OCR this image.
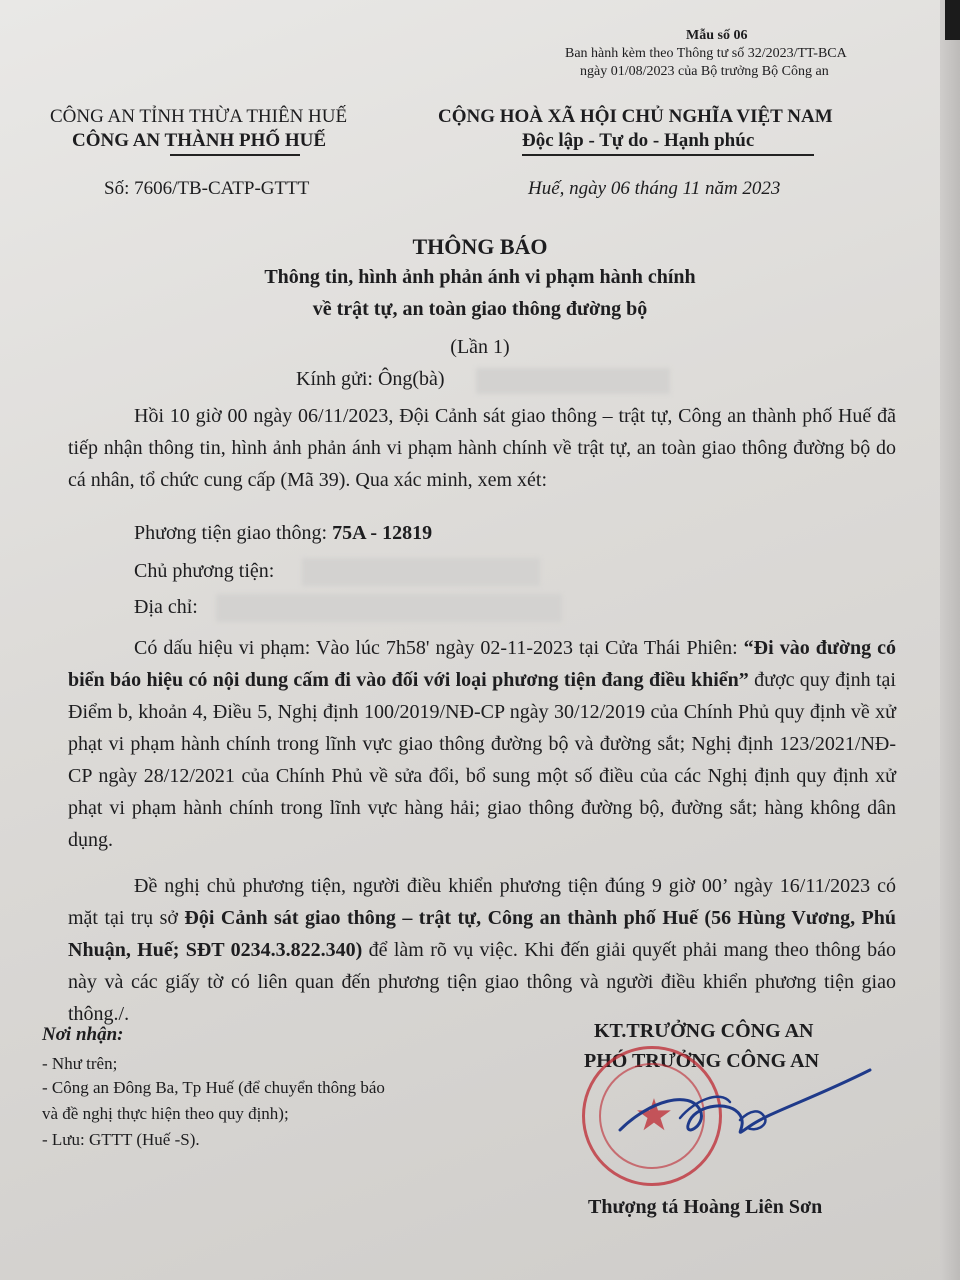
Mẫu số 06
Ban hành kèm theo Thông tư số 32/2023/TT-BCA
ngày 01/08/2023 của Bộ trưởng Bộ Công an
CÔNG AN TỈNH THỪA THIÊN HUẾ
CÔNG AN THÀNH PHỐ HUẾ
Số: 7606/TB-CATP-GTTT
CỘNG HOÀ XÃ HỘI CHỦ NGHĨA VIỆT NAM
Độc lập - Tự do - Hạnh phúc
Huế, ngày 06 tháng 11 năm 2023
THÔNG BÁO
Thông tin, hình ảnh phản ánh vi phạm hành chính
về trật tự, an toàn giao thông đường bộ
(Lần 1)
Kính gửi: Ông(bà)
Hồi 10 giờ 00 ngày 06/11/2023, Đội Cảnh sát giao thông – trật tự, Công an thành phố Huế đã tiếp nhận thông tin, hình ảnh phản ánh vi phạm hành chính về trật tự, an toàn giao thông đường bộ do cá nhân, tổ chức cung cấp (Mã 39). Qua xác minh, xem xét:
Phương tiện giao thông: 75A - 12819
Chủ phương tiện:
Địa chỉ:
Có dấu hiệu vi phạm: Vào lúc 7h58' ngày 02-11-2023 tại Cửa Thái Phiên: “Đi vào đường có biển báo hiệu có nội dung cấm đi vào đối với loại phương tiện đang điều khiển” được quy định tại Điểm b, khoản 4, Điều 5, Nghị định 100/2019/NĐ-CP ngày 30/12/2019 của Chính Phủ quy định về xử phạt vi phạm hành chính trong lĩnh vực giao thông đường bộ và đường sắt; Nghị định 123/2021/NĐ-CP ngày 28/12/2021 của Chính Phủ về sửa đổi, bổ sung một số điều của các Nghị định quy định xử phạt vi phạm hành chính trong lĩnh vực hàng hải; giao thông đường bộ, đường sắt; hàng không dân dụng.
Đề nghị chủ phương tiện, người điều khiển phương tiện đúng 9 giờ 00’ ngày 16/11/2023 có mặt tại trụ sở Đội Cảnh sát giao thông – trật tự, Công an thành phố Huế (56 Hùng Vương, Phú Nhuận, Huế; SĐT 0234.3.822.340) để làm rõ vụ việc. Khi đến giải quyết phải mang theo thông báo này và các giấy tờ có liên quan đến phương tiện giao thông và người điều khiển phương tiện giao thông./.
Nơi nhận:
- Như trên;
- Công an Đông Ba, Tp Huế (để chuyển thông báo
và đề nghị thực hiện theo quy định);
- Lưu: GTTT (Huế -S).
KT.TRƯỞNG CÔNG AN
PHÓ TRƯỞNG CÔNG AN
★
Thượng tá Hoàng Liên Sơn
